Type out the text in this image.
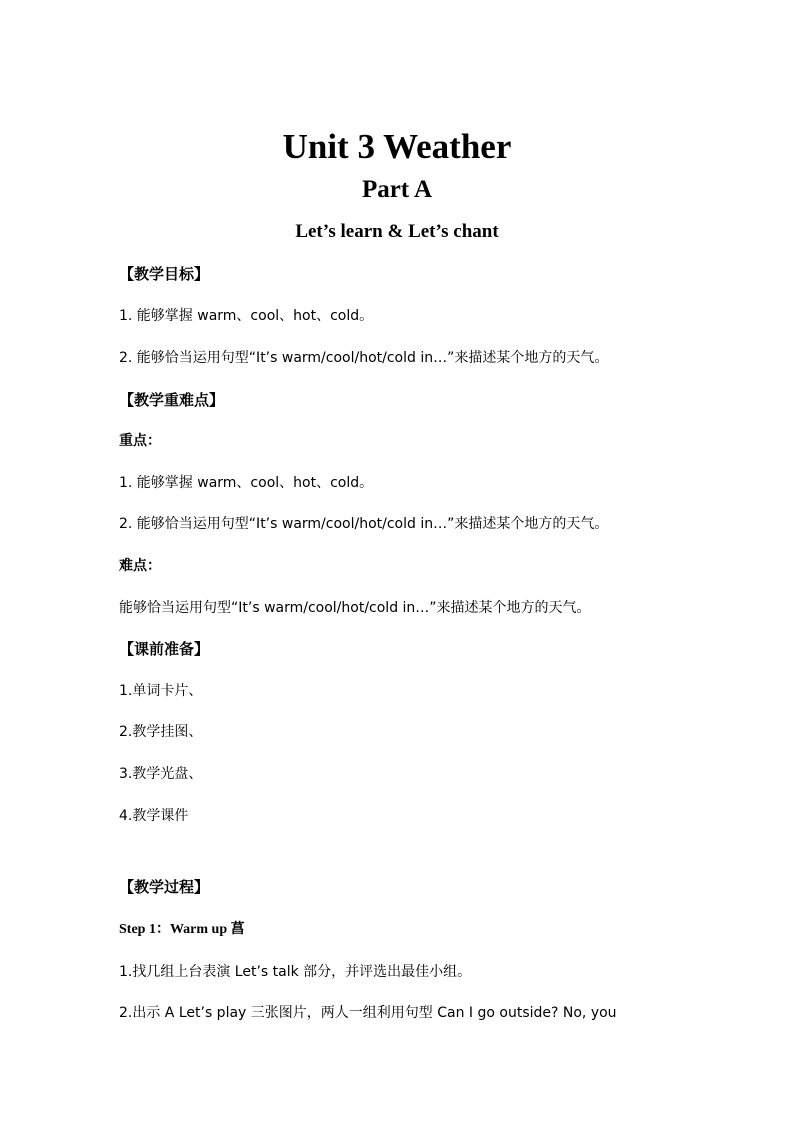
Unit 3 Weather
Part A
Let’s learn & Let’s chant
【教学目标】
1. 能够掌握 warm、cool、hot、cold。
2. 能够恰当运用句型“It’s warm/cool/hot/cold in…”来描述某个地方的天气。
【教学重难点】
重点：
1. 能够掌握 warm、cool、hot、cold。
2. 能够恰当运用句型“It’s warm/cool/hot/cold in…”来描述某个地方的天气。
难点：
能够恰当运用句型“It’s warm/cool/hot/cold in…”来描述某个地方的天气。
【课前准备】
1.单词卡片、
2.教学挂图、
3.教学光盘、
4.教学课件
【教学过程】
Step 1：Warm up 菖
1.找几组上台表演 Let’s talk 部分，并评选出最佳小组。
2.出示 A Let’s play 三张图片，两人一组利用句型 Can I go outside? No, you
